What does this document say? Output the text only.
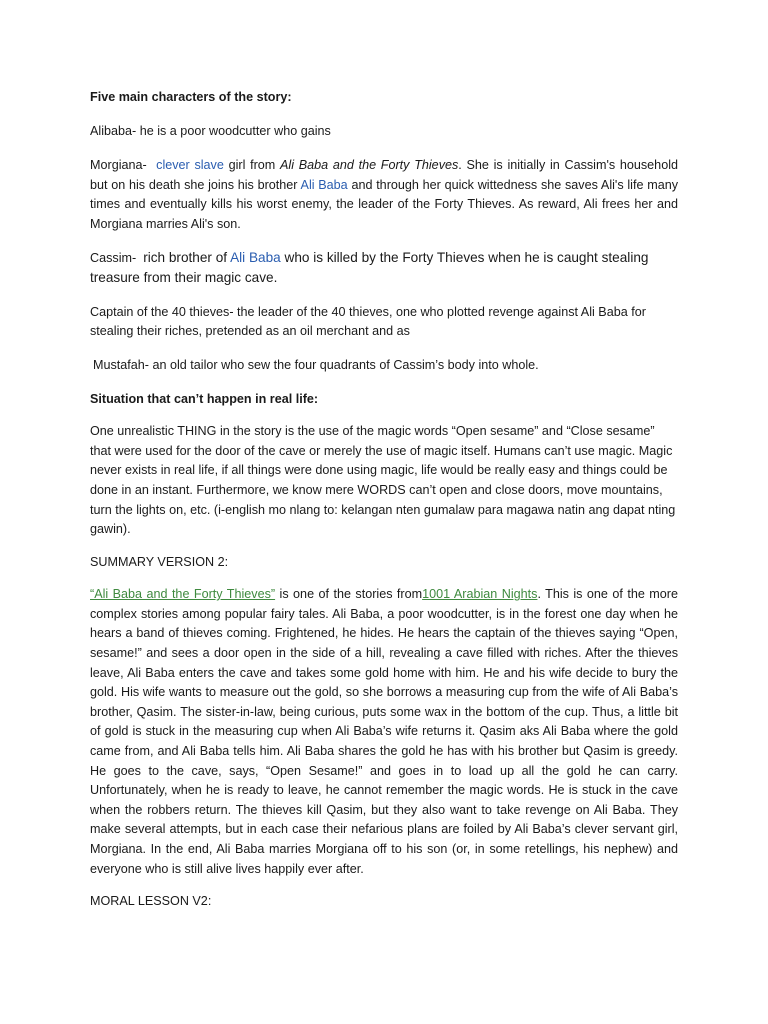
Five main characters of the story:

Alibaba- he is a poor woodcutter who gains

Morgiana- clever slave girl from Ali Baba and the Forty Thieves. She is initially in Cassim's household but on his death she joins his brother Ali Baba and through her quick wittedness she saves Ali's life many times and eventually kills his worst enemy, the leader of the Forty Thieves. As reward, Ali frees her and Morgiana marries Ali's son.

Cassim- rich brother of Ali Baba who is killed by the Forty Thieves when he is caught stealing treasure from their magic cave.

Captain of the 40 thieves- the leader of the 40 thieves, one who plotted revenge against Ali Baba for stealing their riches, pretended as an oil merchant and as

Mustafah- an old tailor who sew the four quadrants of Cassim’s body into whole.

Situation that can’t happen in real life:

One unrealistic THING in the story is the use of the magic words “Open sesame” and “Close sesame” that were used for the door of the cave or merely the use of magic itself. Humans can’t use magic. Magic never exists in real life, if all things were done using magic, life would be really easy and things could be done in an instant. Furthermore, we know mere WORDS can’t open and close doors, move mountains, turn the lights on, etc. (i-english mo nlang to: kelangan nten gumalaw para magawa natin ang dapat nting gawin).

SUMMARY VERSION 2:

“Ali Baba and the Forty Thieves” is one of the stories from1001 Arabian Nights. This is one of the more complex stories among popular fairy tales. Ali Baba, a poor woodcutter, is in the forest one day when he hears a band of thieves coming. Frightened, he hides. He hears the captain of the thieves saying “Open, sesame!” and sees a door open in the side of a hill, revealing a cave filled with riches. After the thieves leave, Ali Baba enters the cave and takes some gold home with him. He and his wife decide to bury the gold. His wife wants to measure out the gold, so she borrows a measuring cup from the wife of Ali Baba’s brother, Qasim. The sister-in-law, being curious, puts some wax in the bottom of the cup. Thus, a little bit of gold is stuck in the measuring cup when Ali Baba’s wife returns it. Qasim aks Ali Baba where the gold came from, and Ali Baba tells him. Ali Baba shares the gold he has with his brother but Qasim is greedy. He goes to the cave, says, “Open Sesame!” and goes in to load up all the gold he can carry. Unfortunately, when he is ready to leave, he cannot remember the magic words. He is stuck in the cave when the robbers return. The thieves kill Qasim, but they also want to take revenge on Ali Baba. They make several attempts, but in each case their nefarious plans are foiled by Ali Baba’s clever servant girl, Morgiana. In the end, Ali Baba marries Morgiana off to his son (or, in some retellings, his nephew) and everyone who is still alive lives happily ever after.

MORAL LESSON V2:
